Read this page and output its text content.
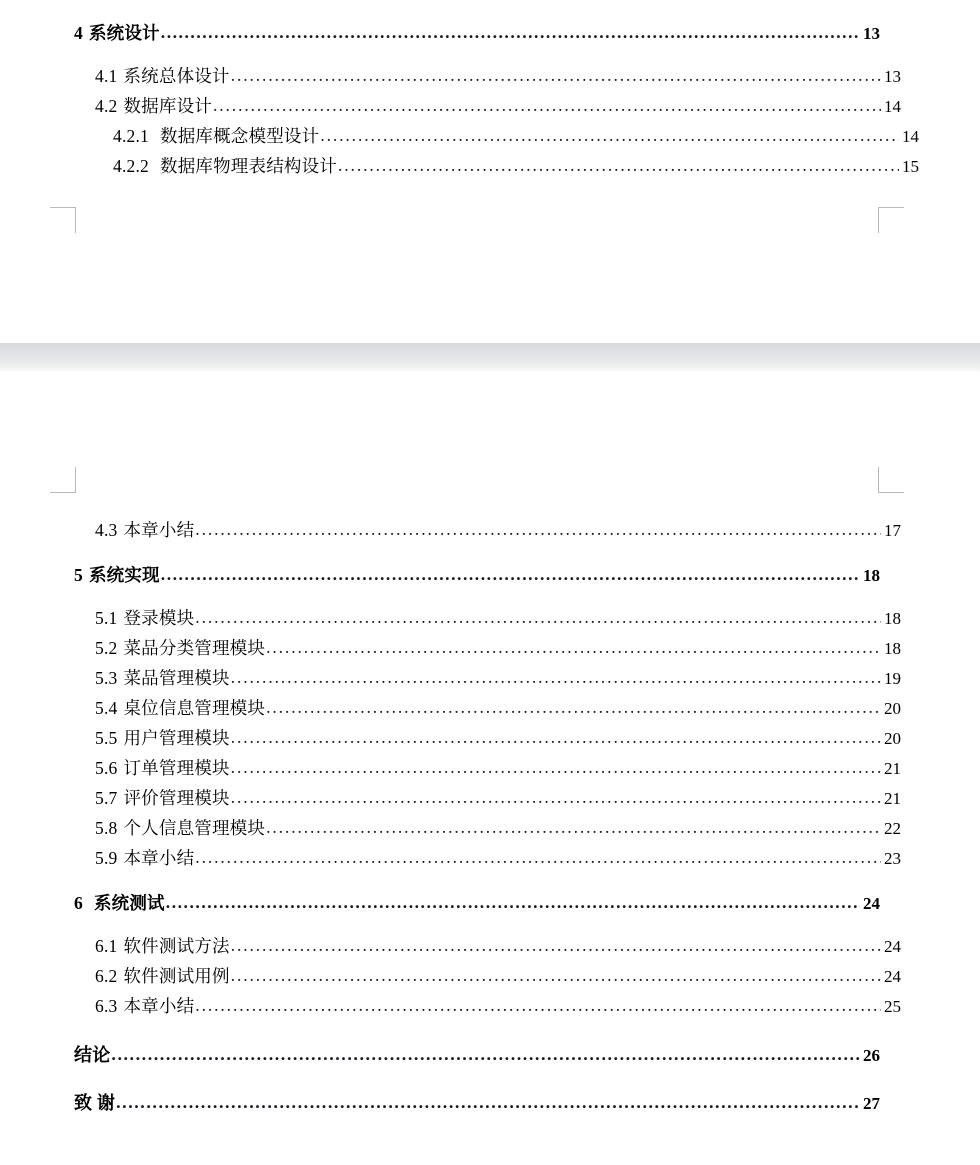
4 系统设计 .....	13
4.1 系统总体设计 .....	13
4.2 数据库设计 .....	14
4.2.1 数据库概念模型设计 .....	14
4.2.2 数据库物理表结构设计 .....	15
4.3 本章小结 .....	17
5 系统实现 .....	18
5.1 登录模块 .....	18
5.2 菜品分类管理模块 .....	18
5.3 菜品管理模块 .....	19
5.4 桌位信息管理模块 .....	20
5.5 用户管理模块 .....	20
5.6 订单管理模块 .....	21
5.7 评价管理模块 .....	21
5.8 个人信息管理模块 .....	22
5.9 本章小结 .....	23
6 系统测试 .....	24
6.1 软件测试方法 .....	24
6.2 软件测试用例 .....	24
6.3 本章小结 .....	25
结论 .....	26
致 谢 .....	27
